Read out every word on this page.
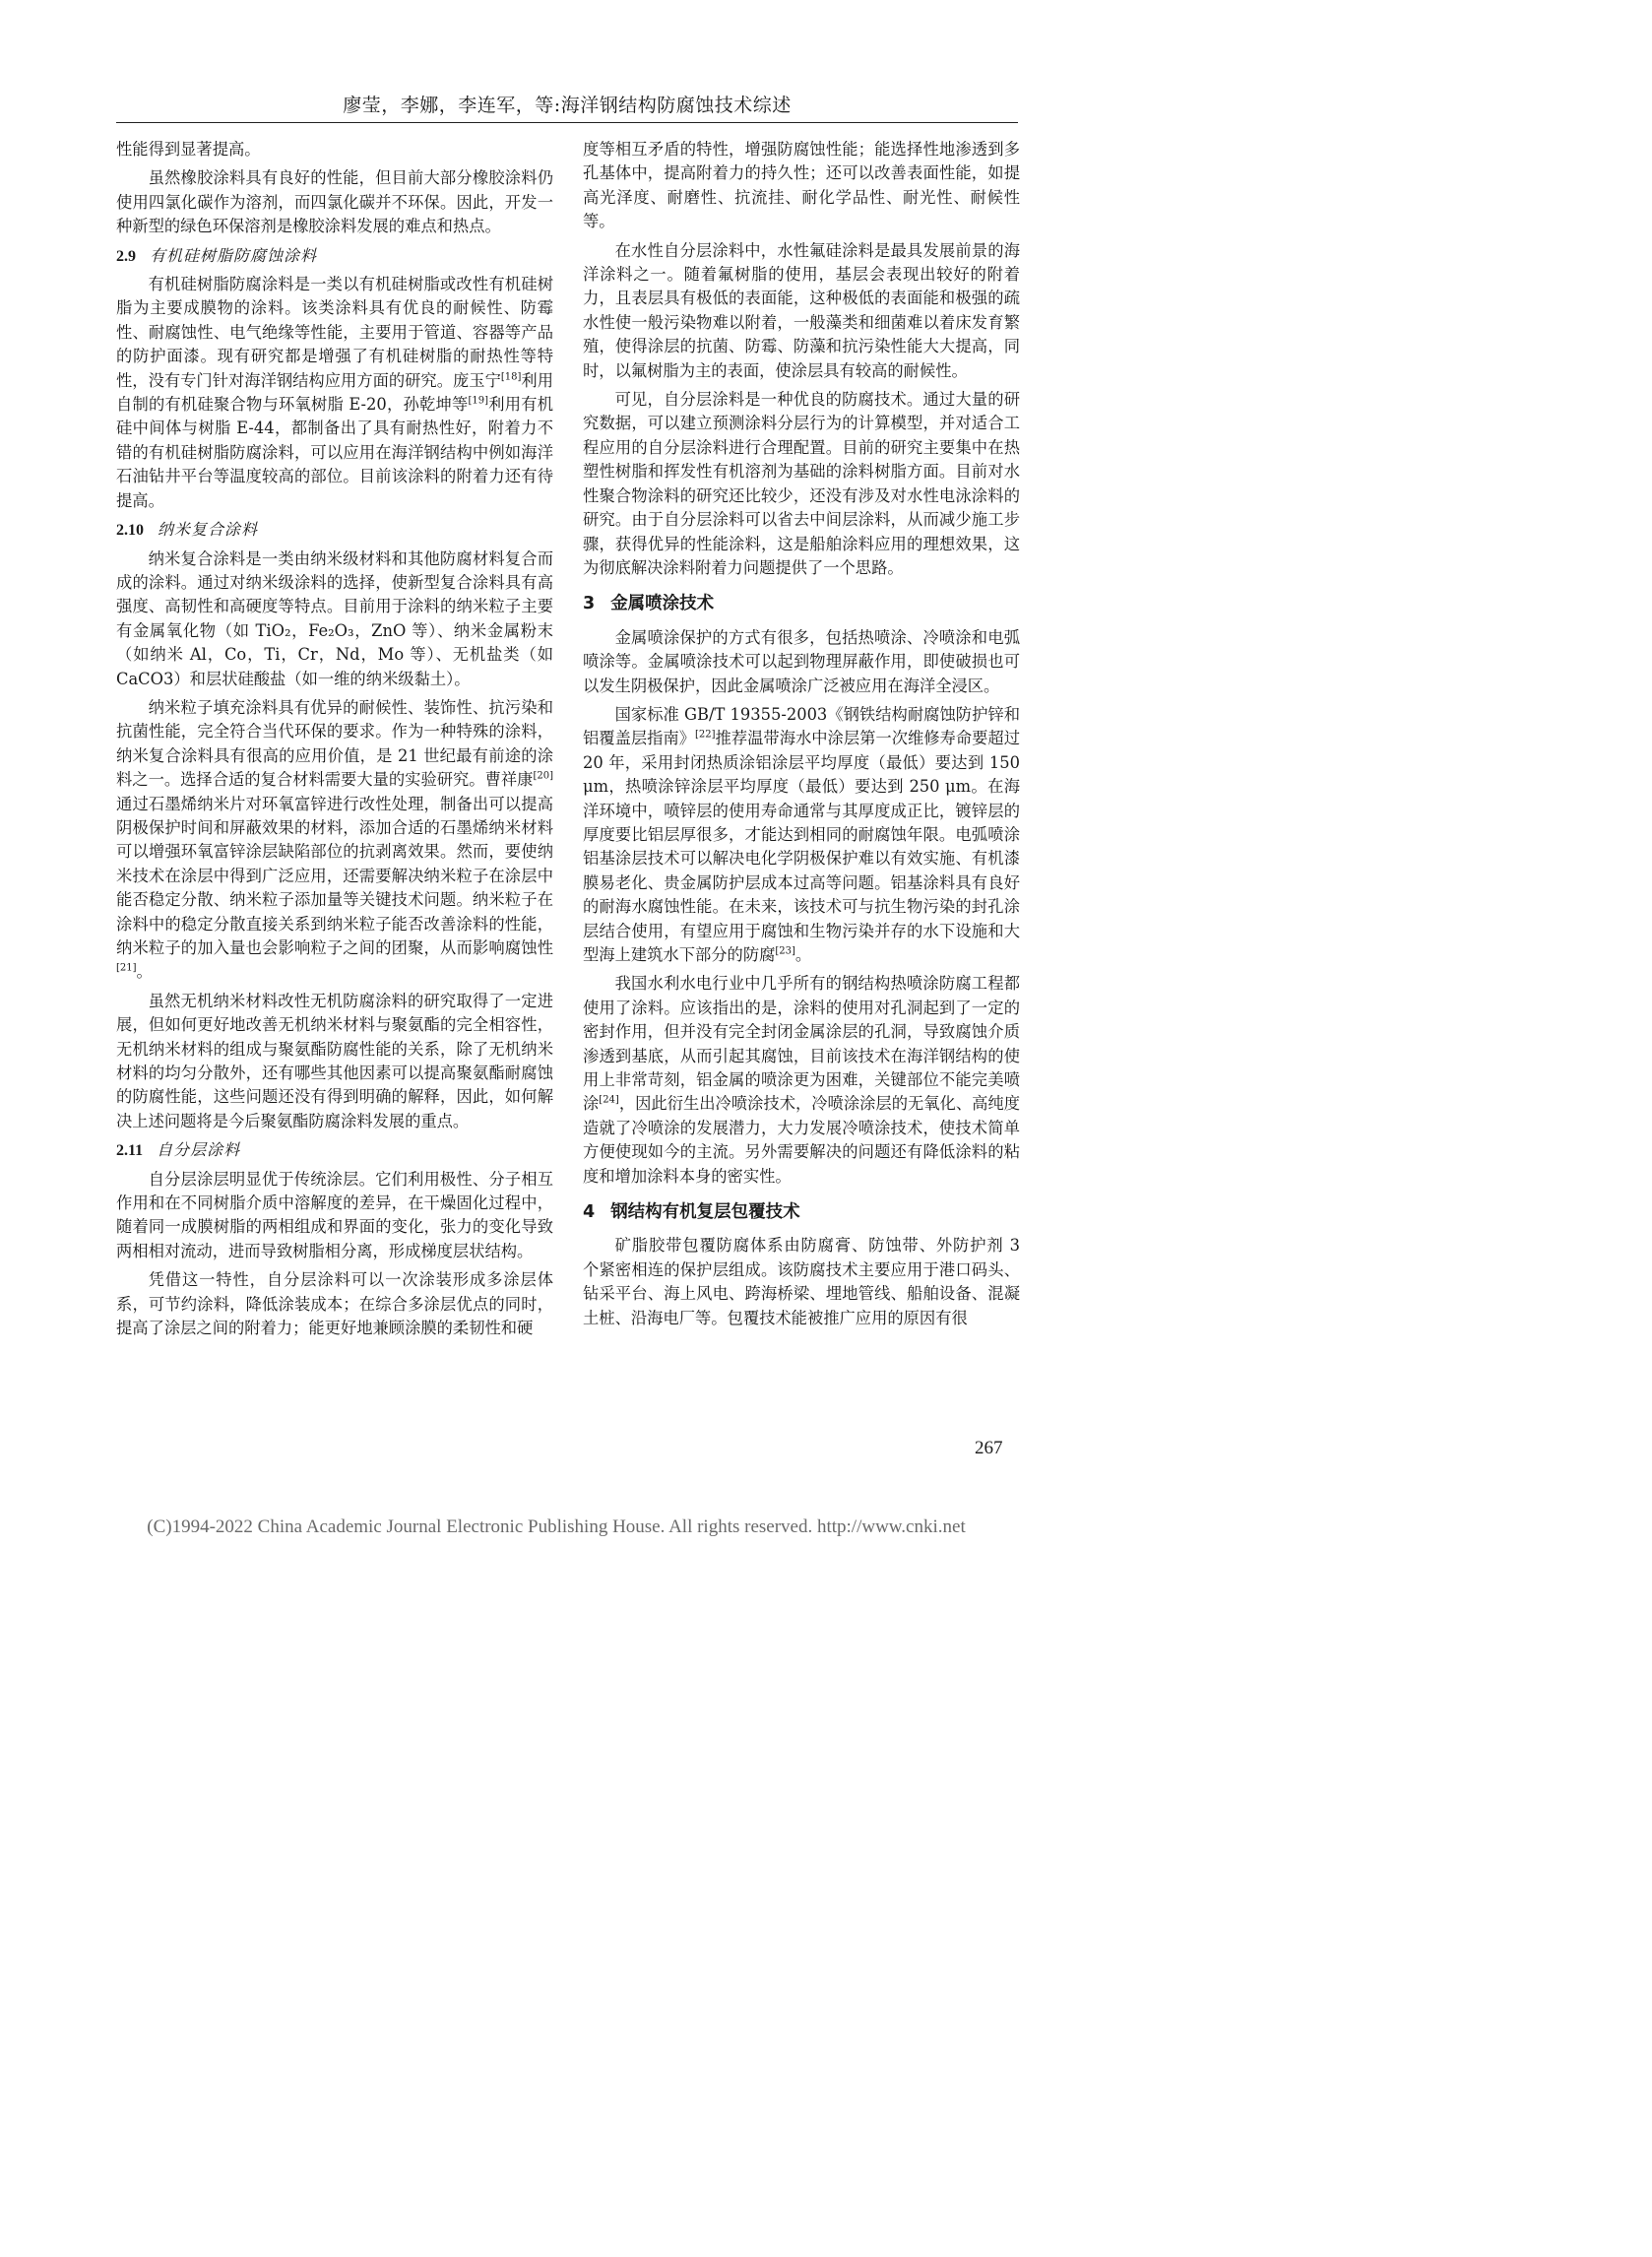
廖莹，李娜，李连军，等:海洋钢结构防腐蚀技术综述

性能得到显著提高。

虽然橡胶涂料具有良好的性能，但目前大部分橡胶涂料仍使用四氯化碳作为溶剂，而四氯化碳并不环保。因此，开发一种新型的绿色环保溶剂是橡胶涂料发展的难点和热点。

2.9 有机硅树脂防腐蚀涂料

有机硅树脂防腐涂料是一类以有机硅树脂或改性有机硅树脂为主要成膜物的涂料。该类涂料具有优良的耐候性、防霉性、耐腐蚀性、电气绝缘等性能，主要用于管道、容器等产品的防护面漆。现有研究都是增强了有机硅树脂的耐热性等特性，没有专门针对海洋钢结构应用方面的研究。庞玉宁[18]利用自制的有机硅聚合物与环氧树脂 E-20，孙乾坤等[19]利用有机硅中间体与树脂 E-44，都制备出了具有耐热性好，附着力不错的有机硅树脂防腐涂料，可以应用在海洋钢结构中例如海洋石油钻井平台等温度较高的部位。目前该涂料的附着力还有待提高。

2.10 纳米复合涂料

纳米复合涂料是一类由纳米级材料和其他防腐材料复合而成的涂料。通过对纳米级涂料的选择，使新型复合涂料具有高强度、高韧性和高硬度等特点。目前用于涂料的纳米粒子主要有金属氧化物（如 TiO₂，Fe₂O₃，ZnO 等）、纳米金属粉末（如纳米 Al，Co，Ti，Cr，Nd，Mo 等）、无机盐类（如 CaCO3）和层状硅酸盐（如一维的纳米级黏土）。

纳米粒子填充涂料具有优异的耐候性、装饰性、抗污染和抗菌性能，完全符合当代环保的要求。作为一种特殊的涂料，纳米复合涂料具有很高的应用价值，是 21 世纪最有前途的涂料之一。选择合适的复合材料需要大量的实验研究。曹祥康[20]通过石墨烯纳米片对环氧富锌进行改性处理，制备出可以提高阴极保护时间和屏蔽效果的材料，添加合适的石墨烯纳米材料可以增强环氧富锌涂层缺陷部位的抗剥离效果。然而，要使纳米技术在涂层中得到广泛应用，还需要解决纳米粒子在涂层中能否稳定分散、纳米粒子添加量等关键技术问题。纳米粒子在涂料中的稳定分散直接关系到纳米粒子能否改善涂料的性能，纳米粒子的加入量也会影响粒子之间的团聚，从而影响腐蚀性[21]。

虽然无机纳米材料改性无机防腐涂料的研究取得了一定进展，但如何更好地改善无机纳米材料与聚氨酯的完全相容性，无机纳米材料的组成与聚氨酯防腐性能的关系，除了无机纳米材料的均匀分散外，还有哪些其他因素可以提高聚氨酯耐腐蚀的防腐性能，这些问题还没有得到明确的解释，因此，如何解决上述问题将是今后聚氨酯防腐涂料发展的重点。

2.11 自分层涂料

自分层涂层明显优于传统涂层。它们利用极性、分子相互作用和在不同树脂介质中溶解度的差异，在干燥固化过程中，随着同一成膜树脂的两相组成和界面的变化，张力的变化导致两相相对流动，进而导致树脂相分离，形成梯度层状结构。

凭借这一特性，自分层涂料可以一次涂装形成多涂层体系，可节约涂料，降低涂装成本；在综合多涂层优点的同时，提高了涂层之间的附着力；能更好地兼顾涂膜的柔韧性和硬

度等相互矛盾的特性，增强防腐蚀性能；能选择性地渗透到多孔基体中，提高附着力的持久性；还可以改善表面性能，如提高光泽度、耐磨性、抗流挂、耐化学品性、耐光性、耐候性等。

在水性自分层涂料中，水性氟硅涂料是最具发展前景的海洋涂料之一。随着氟树脂的使用，基层会表现出较好的附着力，且表层具有极低的表面能，这种极低的表面能和极强的疏水性使一般污染物难以附着，一般藻类和细菌难以着床发育繁殖，使得涂层的抗菌、防霉、防藻和抗污染性能大大提高，同时，以氟树脂为主的表面，使涂层具有较高的耐候性。

可见，自分层涂料是一种优良的防腐技术。通过大量的研究数据，可以建立预测涂料分层行为的计算模型，并对适合工程应用的自分层涂料进行合理配置。目前的研究主要集中在热塑性树脂和挥发性有机溶剂为基础的涂料树脂方面。目前对水性聚合物涂料的研究还比较少，还没有涉及对水性电泳涂料的研究。由于自分层涂料可以省去中间层涂料，从而减少施工步骤，获得优异的性能涂料，这是船舶涂料应用的理想效果，这为彻底解决涂料附着力问题提供了一个思路。

3 金属喷涂技术

金属喷涂保护的方式有很多，包括热喷涂、冷喷涂和电弧喷涂等。金属喷涂技术可以起到物理屏蔽作用，即使破损也可以发生阴极保护，因此金属喷涂广泛被应用在海洋全浸区。

国家标准 GB/T 19355-2003《钢铁结构耐腐蚀防护锌和铝覆盖层指南》[22]推荐温带海水中涂层第一次维修寿命要超过 20 年，采用封闭热质涂铝涂层平均厚度（最低）要达到 150 μm，热喷涂锌涂层平均厚度（最低）要达到 250 μm。在海洋环境中，喷锌层的使用寿命通常与其厚度成正比，镀锌层的厚度要比铝层厚很多，才能达到相同的耐腐蚀年限。电弧喷涂铝基涂层技术可以解决电化学阴极保护难以有效实施、有机漆膜易老化、贵金属防护层成本过高等问题。铝基涂料具有良好的耐海水腐蚀性能。在未来，该技术可与抗生物污染的封孔涂层结合使用，有望应用于腐蚀和生物污染并存的水下设施和大型海上建筑水下部分的防腐[23]。

我国水利水电行业中几乎所有的钢结构热喷涂防腐工程都使用了涂料。应该指出的是，涂料的使用对孔洞起到了一定的密封作用，但并没有完全封闭金属涂层的孔洞，导致腐蚀介质渗透到基底，从而引起其腐蚀，目前该技术在海洋钢结构的使用上非常苛刻，铝金属的喷涂更为困难，关键部位不能完美喷涂[24]，因此衍生出冷喷涂技术，冷喷涂涂层的无氧化、高纯度造就了冷喷涂的发展潜力，大力发展冷喷涂技术，使技术简单方便使现如今的主流。另外需要解决的问题还有降低涂料的粘度和增加涂料本身的密实性。

4 钢结构有机复层包覆技术

矿脂胶带包覆防腐体系由防腐膏、防蚀带、外防护剂 3 个紧密相连的保护层组成。该防腐技术主要应用于港口码头、钻采平台、海上风电、跨海桥梁、埋地管线、船舶设备、混凝土桩、沿海电厂等。包覆技术能被推广应用的原因有很

267
(C)1994-2022 China Academic Journal Electronic Publishing House. All rights reserved. http://www.cnki.net
